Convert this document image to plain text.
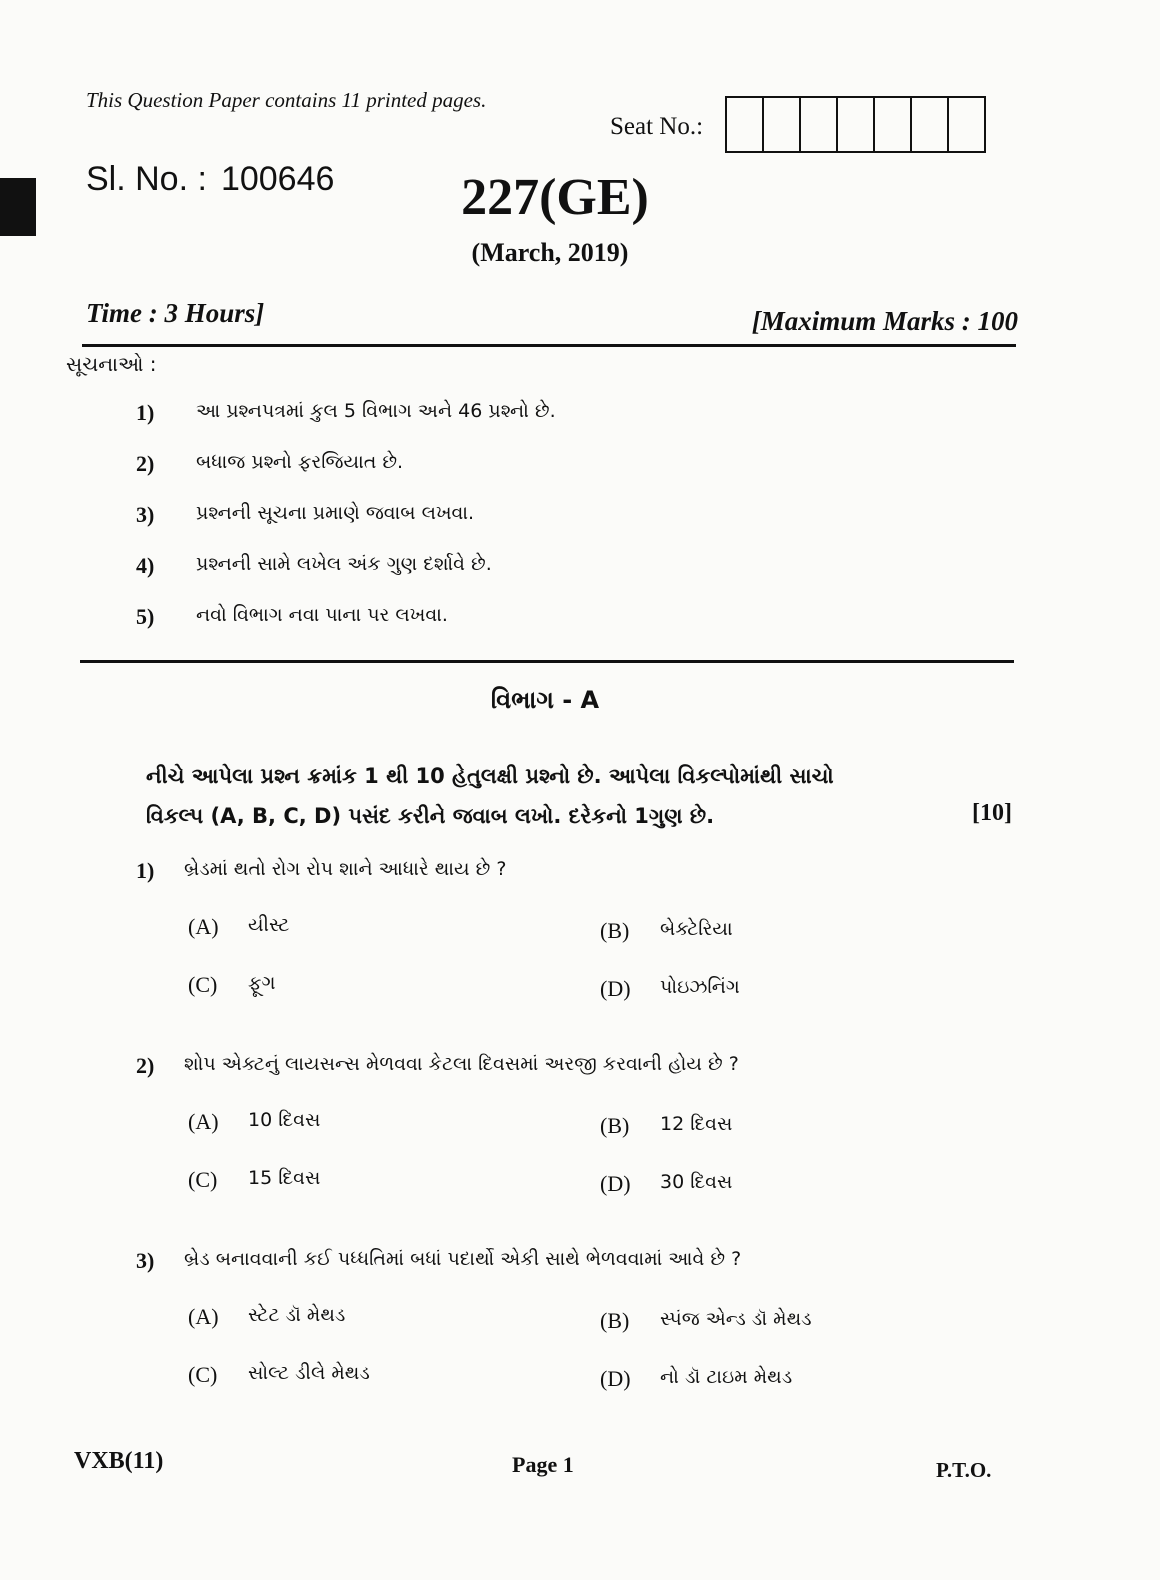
This Question Paper contains 11 printed pages.
Seat No.:
Sl. No. : 100646	227(GE)
(March, 2019)
Time : 3 Hours]	[Maximum Marks : 100
સૂચનાઓ :
1)	આ પ્રશ્નપત્રમાં કુલ 5 વિભાગ અને 46 પ્રશ્નો છે.
2)	બધાજ પ્રશ્નો ફરજિયાત છે.
3)	પ્રશ્નની સૂચના પ્રમાણે જવાબ લખવા.
4)	પ્રશ્નની સામે લખેલ અંક ગુણ દર્શાવે છે.
5)	નવો વિભાગ નવા પાના પર લખવા.
વિભાગ - A
નીચે આપેલા પ્રશ્ન ક્રમાંક 1 થી 10 હેતુલક્ષી પ્રશ્નો છે. આપેલા વિકલ્પોમાંથી સાચો
વિકલ્પ (A, B, C, D) પસંદ કરીને જવાબ લખો. દરેકનો 1ગુણ છે.	[10]
1)	બ્રેડમાં થતો રોગ રોપ શાને આધારે થાય છે ?
(A)	યીસ્ટ	(B)	બેક્ટેરિયા
(C)	ફૂગ	(D)	પોઇઝનિંગ
2)	શોપ એક્ટનું લાયસન્સ મેળવવા કેટલા દિવસમાં અરજી કરવાની હોય છે ?
(A)	10 દિવસ	(B)	12 દિવસ
(C)	15 દિવસ	(D)	30 દિવસ
3)	બ્રેડ બનાવવાની કઈ પધ્ધતિમાં બધાં પદાર્થો એકી સાથે ભેળવવામાં આવે છે ?
(A)	સ્ટેટ ડૉ મેથડ	(B)	સ્પંજ એન્ડ ડૉ મેથડ
(C)	સોલ્ટ ડીલે મેથડ	(D)	નો ડૉ ટાઇમ મેથડ
VXB(11)	Page 1	P.T.O.
